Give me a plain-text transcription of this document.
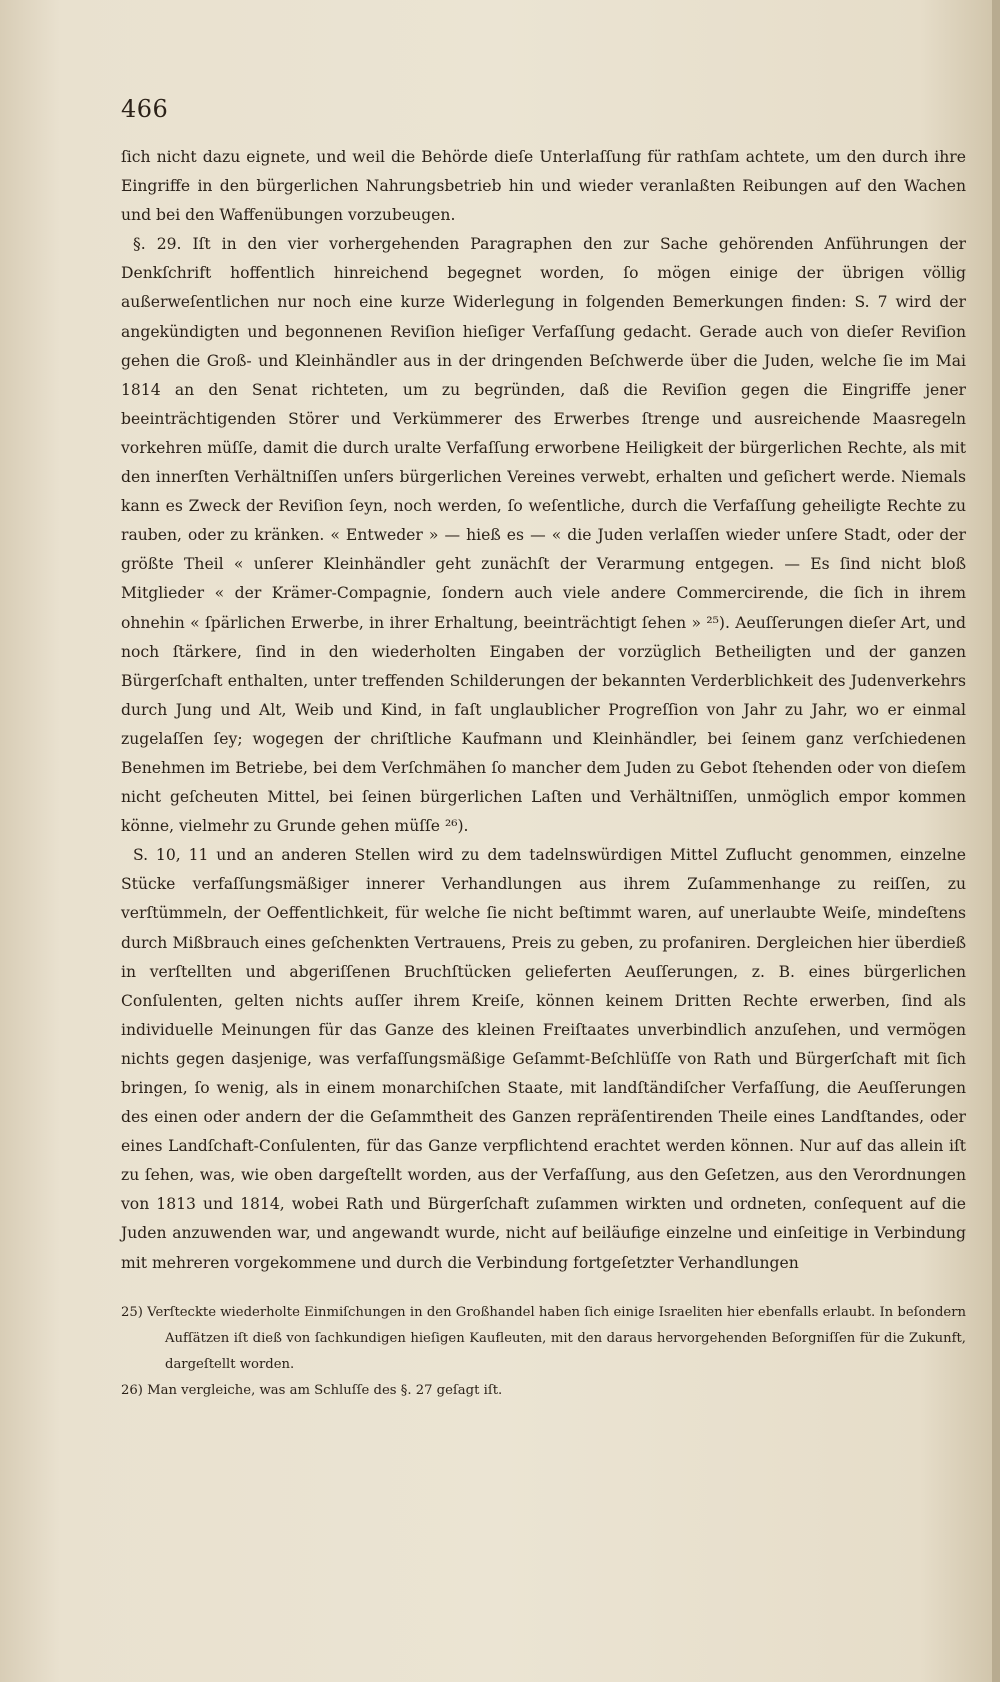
466

ſich nicht dazu eignete, und weil die Behörde dieſe Unterlaſſung für rathſam achtete, um den durch ihre Eingriffe in den bürgerlichen Nahrungsbetrieb hin und wieder veranlaßten Reibungen auf den Wachen und bei den Waffenübungen vorzubeugen.

§. 29. Iſt in den vier vorhergehenden Paragraphen den zur Sache gehörenden Anführungen der Denkſchrift hoffentlich hinreichend begegnet worden, ſo mögen einige der übrigen völlig außerweſentlichen nur noch eine kurze Widerlegung in folgenden Bemerkungen finden: S. 7 wird der angekündigten und begonnenen Reviſion hieſiger Verfaſſung gedacht. Gerade auch von dieſer Reviſion gehen die Groß- und Kleinhändler aus in der dringenden Beſchwerde über die Juden, welche ſie im Mai 1814 an den Senat richteten, um zu begründen, daß die Reviſion gegen die Eingriffe jener beeinträchtigenden Störer und Verkümmerer des Erwerbes ſtrenge und ausreichende Maasregeln vorkehren müſſe, damit die durch uralte Verfaſſung erworbene Heiligkeit der bürgerlichen Rechte, als mit den innerſten Verhältniſſen unſers bürgerlichen Vereines verwebt, erhalten und geſichert werde. Niemals kann es Zweck der Reviſion ſeyn, noch werden, ſo weſentliche, durch die Verfaſſung geheiligte Rechte zu rauben, oder zu kränken. « Entweder » — hieß es — « die Juden verlaſſen wieder unſere Stadt, oder der größte Theil « unſerer Kleinhändler geht zunächſt der Verarmung entgegen. — Es ſind nicht bloß Mitglieder « der Krämer-Compagnie, ſondern auch viele andere Commercirende, die ſich in ihrem ohnehin « ſpärlichen Erwerbe, in ihrer Erhaltung, beeinträchtigt ſehen » ²⁵). Aeuſſerungen dieſer Art, und noch ſtärkere, ſind in den wiederholten Eingaben der vorzüglich Betheiligten und der ganzen Bürgerſchaft enthalten, unter treffenden Schilderungen der bekannten Verderblichkeit des Judenverkehrs durch Jung und Alt, Weib und Kind, in faſt unglaublicher Progreſſion von Jahr zu Jahr, wo er einmal zugelaſſen ſey; wogegen der chriſtliche Kaufmann und Kleinhändler, bei ſeinem ganz verſchiedenen Benehmen im Betriebe, bei dem Verſchmähen ſo mancher dem Juden zu Gebot ſtehenden oder von dieſem nicht geſcheuten Mittel, bei ſeinen bürgerlichen Laſten und Verhältniſſen, unmöglich empor kommen könne, vielmehr zu Grunde gehen müſſe ²⁶).

S. 10, 11 und an anderen Stellen wird zu dem tadelnswürdigen Mittel Zuflucht genommen, einzelne Stücke verfaſſungsmäßiger innerer Verhandlungen aus ihrem Zuſammenhange zu reiſſen, zu verſtümmeln, der Oeffentlichkeit, für welche ſie nicht beſtimmt waren, auf unerlaubte Weiſe, mindeſtens durch Mißbrauch eines geſchenkten Vertrauens, Preis zu geben, zu profaniren. Dergleichen hier überdieß in verſtellten und abgeriſſenen Bruchſtücken gelieferten Aeuſſerungen, z. B. eines bürgerlichen Conſulenten, gelten nichts auſſer ihrem Kreiſe, können keinem Dritten Rechte erwerben, ſind als individuelle Meinungen für das Ganze des kleinen Freiſtaates unverbindlich anzuſehen, und vermögen nichts gegen dasjenige, was verfaſſungsmäßige Geſammt-Beſchlüſſe von Rath und Bürgerſchaft mit ſich bringen, ſo wenig, als in einem monarchiſchen Staate, mit landſtändiſcher Verfaſſung, die Aeuſſerungen des einen oder andern der die Geſammtheit des Ganzen repräſentirenden Theile eines Landſtandes, oder eines Landſchaft-Conſulenten, für das Ganze verpflichtend erachtet werden können. Nur auf das allein iſt zu ſehen, was, wie oben dargeſtellt worden, aus der Verfaſſung, aus den Geſetzen, aus den Verordnungen von 1813 und 1814, wobei Rath und Bürgerſchaft zuſammen wirkten und ordneten, conſequent auf die Juden anzuwenden war, und angewandt wurde, nicht auf beiläufige einzelne und einſeitige in Verbindung mit mehreren vorgekommene und durch die Verbindung fortgeſetzter Verhandlungen

25) Verſteckte wiederholte Einmiſchungen in den Großhandel haben ſich einige Israeliten hier ebenfalls erlaubt. In beſondern Aufſätzen iſt dieß von ſachkundigen hieſigen Kaufleuten, mit den daraus hervorgehenden Beſorgniſſen für die Zukunft, dargeſtellt worden.

26) Man vergleiche, was am Schluſſe des §. 27 geſagt iſt.
